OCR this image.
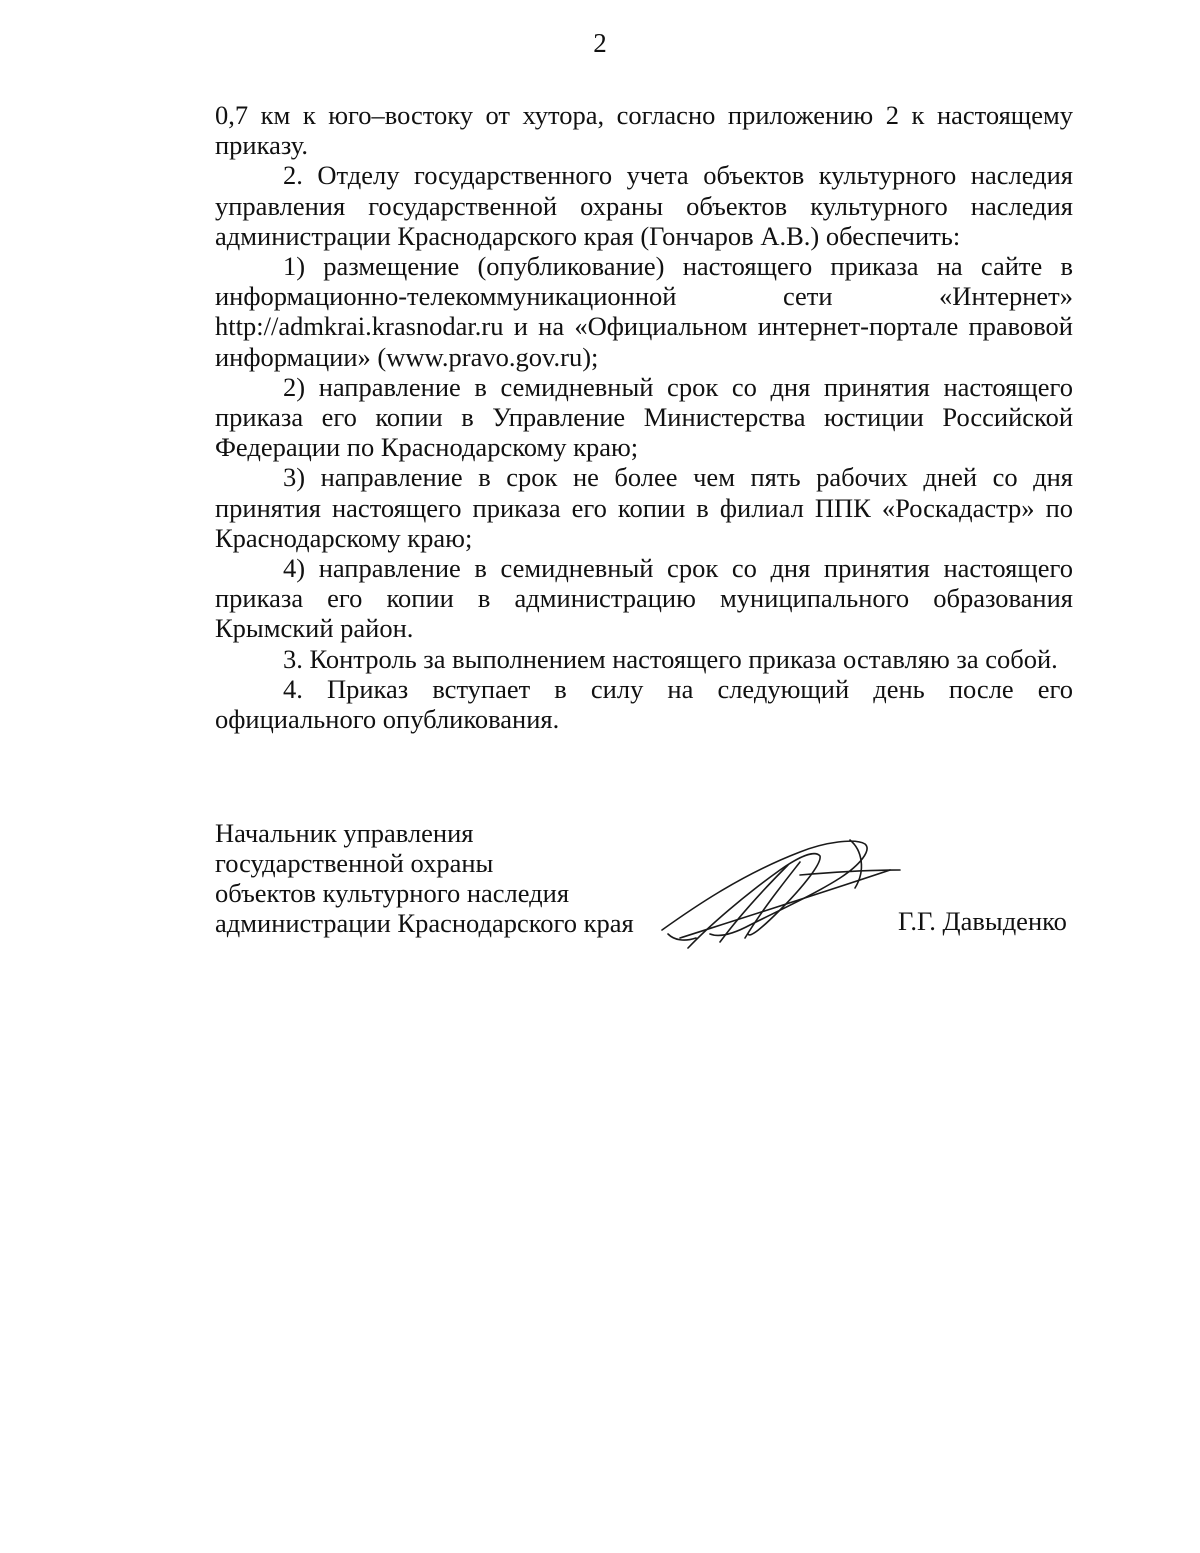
2

0,7 км к юго–востоку от хутора, согласно приложению 2 к настоящему приказу.

2. Отделу государственного учета объектов культурного наследия управления государственной охраны объектов культурного наследия администрации Краснодарского края (Гончаров А.В.) обеспечить:

1) размещение (опубликование) настоящего приказа на сайте в информационно-телекоммуникационной сети «Интернет» http://admkrai.krasnodar.ru и на «Официальном интернет-портале правовой информации» (www.pravo.gov.ru);

2) направление в семидневный срок со дня принятия настоящего приказа его копии в Управление Министерства юстиции Российской Федерации по Краснодарскому краю;

3) направление в срок не более чем пять рабочих дней со дня принятия настоящего приказа его копии в филиал ППК «Роскадастр» по Краснодарскому краю;

4) направление в семидневный срок со дня принятия настоящего приказа его копии в администрацию муниципального образования Крымский район.

3. Контроль за выполнением настоящего приказа оставляю за собой.

4. Приказ вступает в силу на следующий день после его официального опубликования.

Начальник управления
государственной охраны
объектов культурного наследия
администрации Краснодарского края	Г.Г. Давыденко
